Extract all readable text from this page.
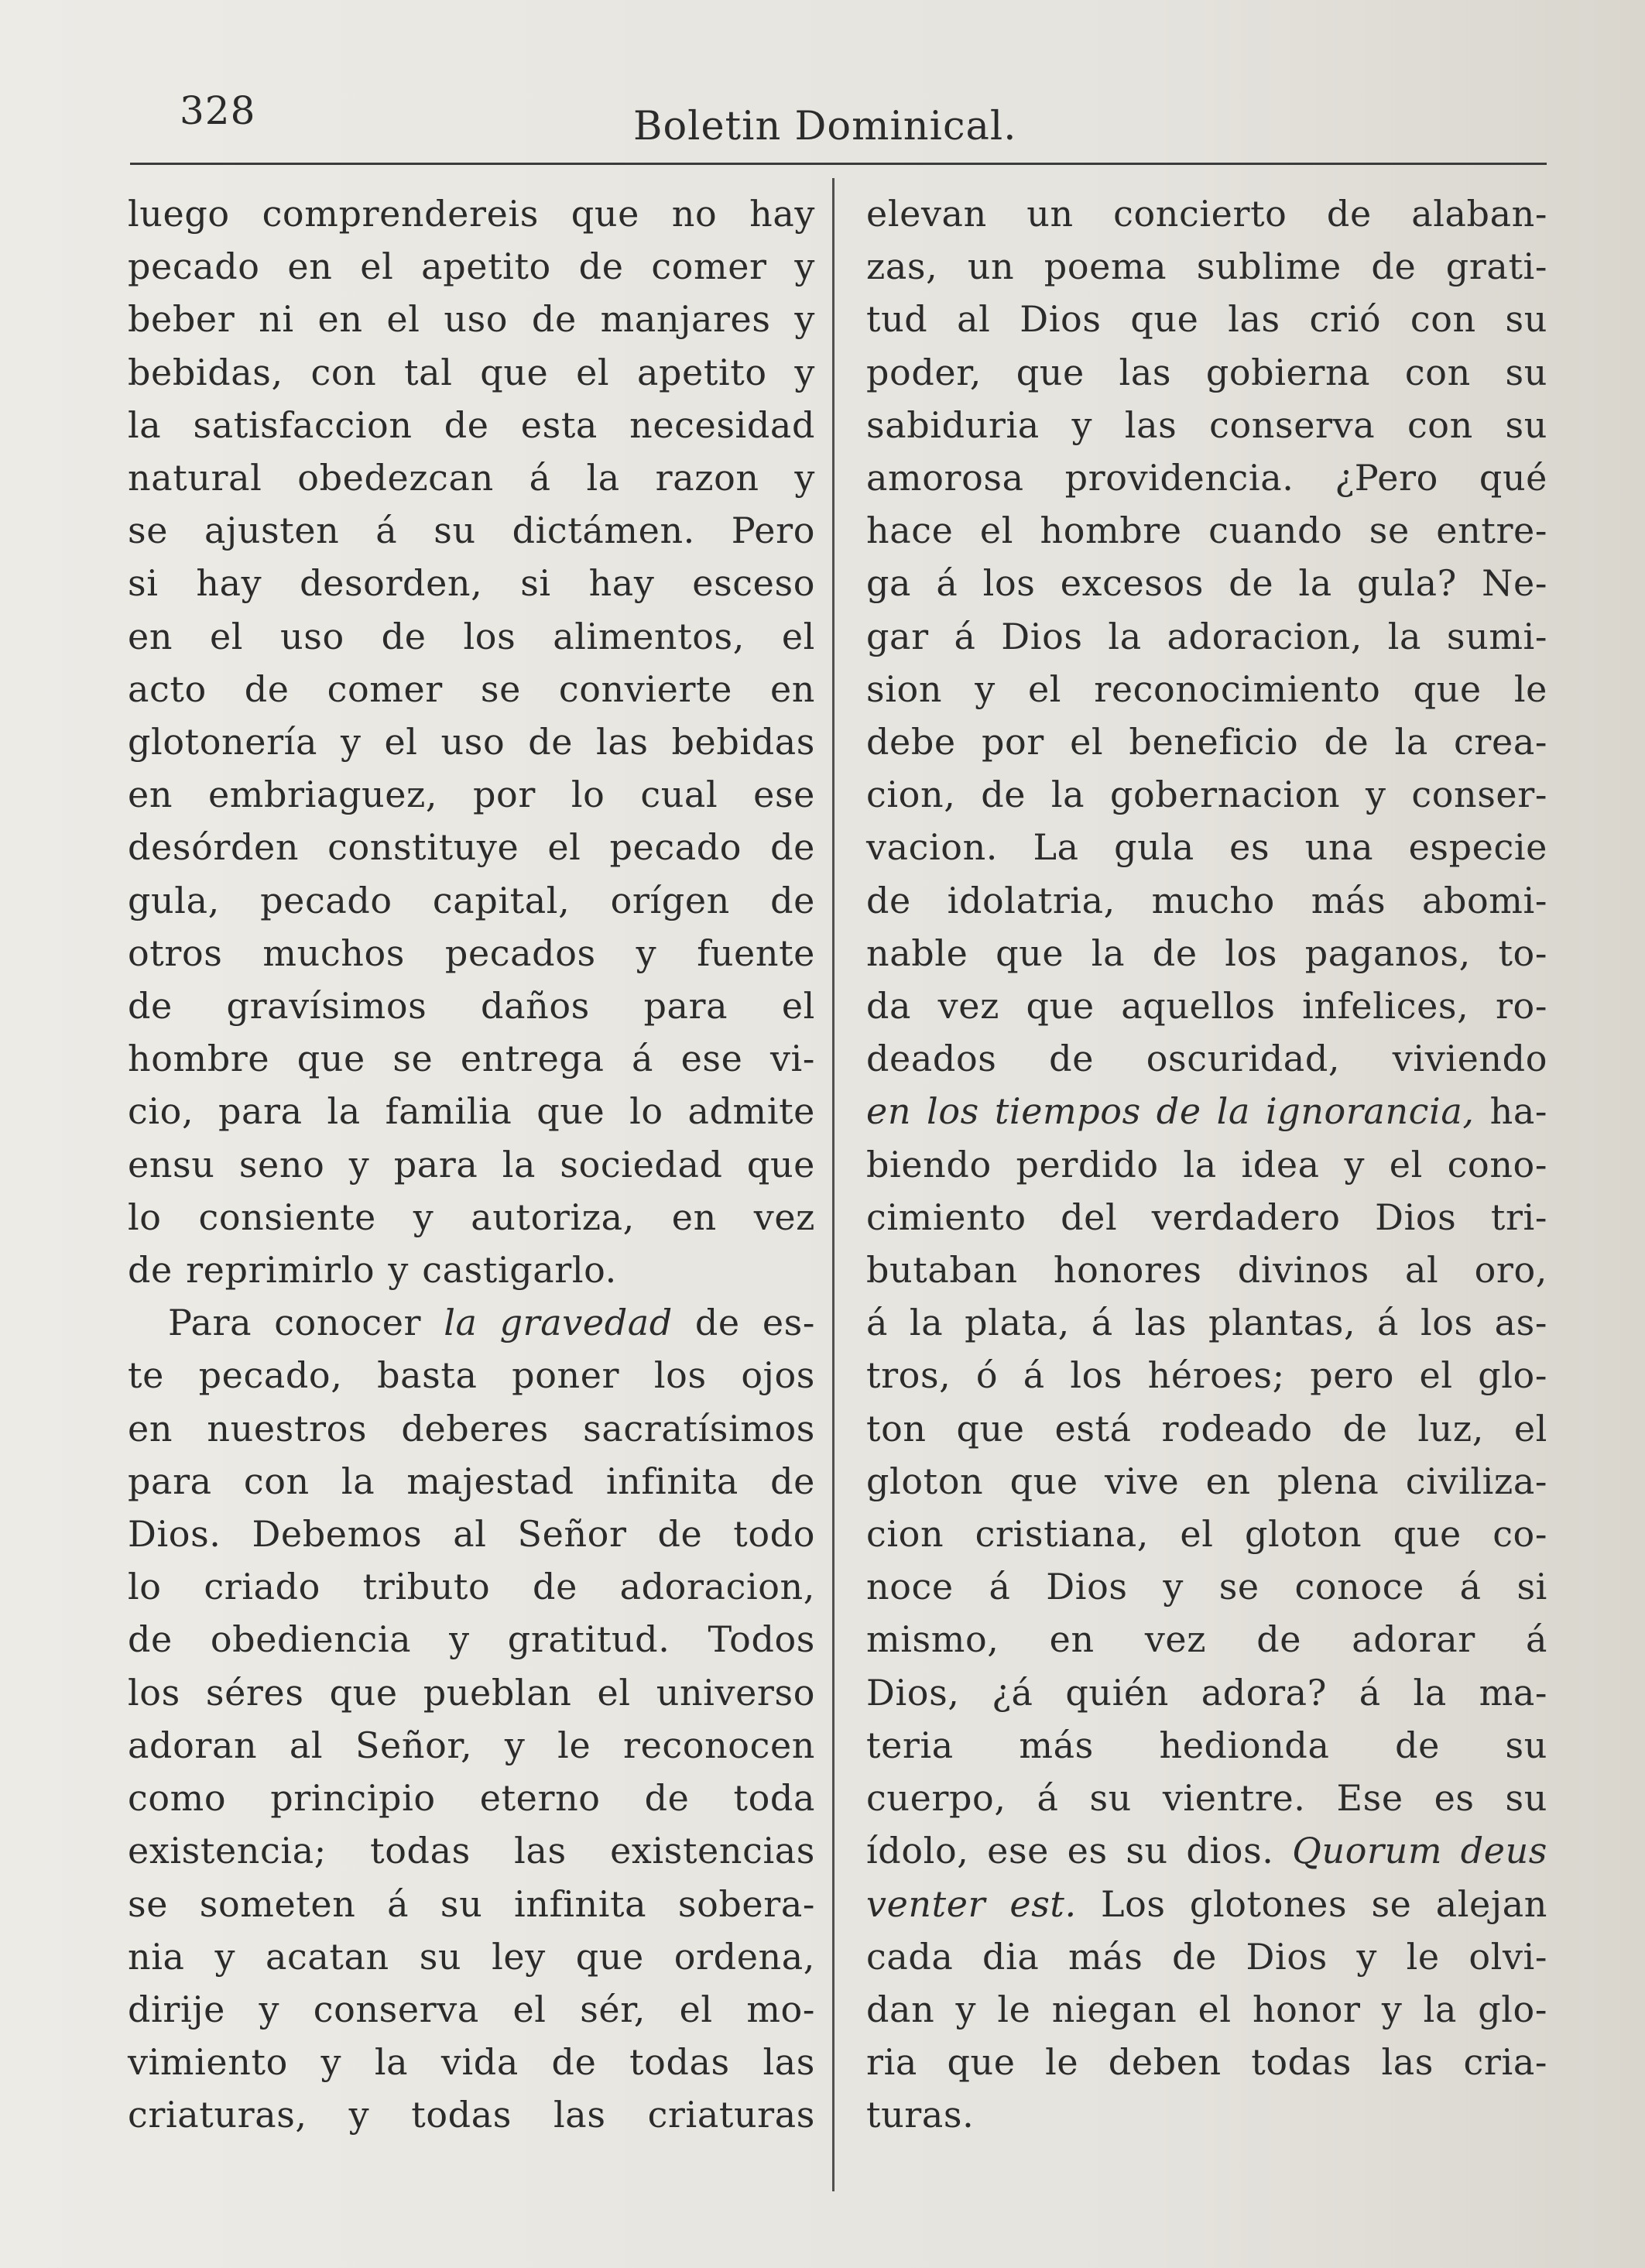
328	Boletin Dominical.
luego comprendereis que no hay
pecado en el apetito de comer y
beber ni en el uso de manjares y
bebidas, con tal que el apetito y
la satisfaccion de esta necesidad
natural obedezcan á la razon y
se ajusten á su dictámen. Pero
si hay desorden, si hay esceso
en el uso de los alimentos, el
acto de comer se convierte en
glotonería y el uso de las bebidas
en embriaguez, por lo cual ese
desórden constituye el pecado de
gula, pecado capital, orígen de
otros muchos pecados y fuente
de gravísimos daños para el
hombre que se entrega á ese vi-
cio, para la familia que lo admite
ensu seno y para la sociedad que
lo consiente y autoriza, en vez
de reprimirlo y castigarlo.
Para conocer la gravedad de es-
te pecado, basta poner los ojos
en nuestros deberes sacratísimos
para con la majestad infinita de
Dios. Debemos al Señor de todo
lo criado tributo de adoracion,
de obediencia y gratitud. Todos
los séres que pueblan el universo
adoran al Señor, y le reconocen
como principio eterno de toda
existencia; todas las existencias
se someten á su infinita sobera-
nia y acatan su ley que ordena,
dirije y conserva el sér, el mo-
vimiento y la vida de todas las
criaturas, y todas las criaturas
elevan un concierto de alaban-
zas, un poema sublime de grati-
tud al Dios que las crió con su
poder, que las gobierna con su
sabiduria y las conserva con su
amorosa providencia. ¿Pero qué
hace el hombre cuando se entre-
ga á los excesos de la gula? Ne-
gar á Dios la adoracion, la sumi-
sion y el reconocimiento que le
debe por el beneficio de la crea-
cion, de la gobernacion y conser-
vacion. La gula es una especie
de idolatria, mucho más abomi-
nable que la de los paganos, to-
da vez que aquellos infelices, ro-
deados de oscuridad, viviendo
en los tiempos de la ignorancia, ha-
biendo perdido la idea y el cono-
cimiento del verdadero Dios tri-
butaban honores divinos al oro,
á la plata, á las plantas, á los as-
tros, ó á los héroes; pero el glo-
ton que está rodeado de luz, el
gloton que vive en plena civiliza-
cion cristiana, el gloton que co-
noce á Dios y se conoce á si
mismo, en vez de adorar á
Dios, ¿á quién adora? á la ma-
teria más hedionda de su
cuerpo, á su vientre. Ese es su
ídolo, ese es su dios. Quorum deus
venter est. Los glotones se alejan
cada dia más de Dios y le olvi-
dan y le niegan el honor y la glo-
ria que le deben todas las cria-
turas.
